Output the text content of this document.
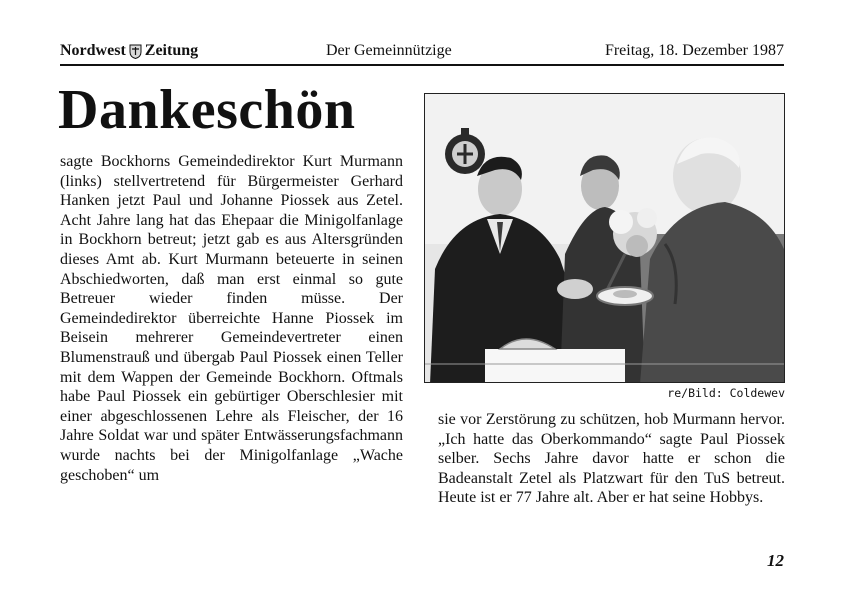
Nordwest Zeitung	Der Gemeinnützige	Freitag, 18. Dezember 1987
Dankeschön

sagte Bockhorns Gemeindedirektor Kurt Murmann (links) stellvertretend für Bürgermeister Gerhard Hanken jetzt Paul und Johanne Piossek aus Zetel. Acht Jahre lang hat das Ehepaar die Minigolfanlage in Bockhorn betreut; jetzt gab es aus Altersgründen dieses Amt ab. Kurt Murmann beteuerte in seinen Abschiedworten, daß man erst einmal so gute Betreuer wieder finden müsse. Der Gemeindedirektor überreichte Hanne Piossek im Beisein mehrerer Gemeindevertreter einen Blumenstrauß und übergab Paul Piossek einen Teller mit dem Wappen der Gemeinde Bockhorn. Oftmals habe Paul Piossek ein gebürtiger Oberschlesier mit einer abgeschlossenen Lehre als Fleischer, der 16 Jahre Soldat war und später Entwässerungsfachmann wurde nachts bei der Minigolfanlage „Wache geschoben“ um

re/Bild: Coldewev

sie vor Zerstörung zu schützen, hob Murmann hervor. „Ich hatte das Oberkommando“ sagte Paul Piossek selber. Sechs Jahre davor hatte er schon die Badeanstalt Zetel als Platzwart für den TuS betreut. Heute ist er 77 Jahre alt. Aber er hat seine Hobbys.

12
